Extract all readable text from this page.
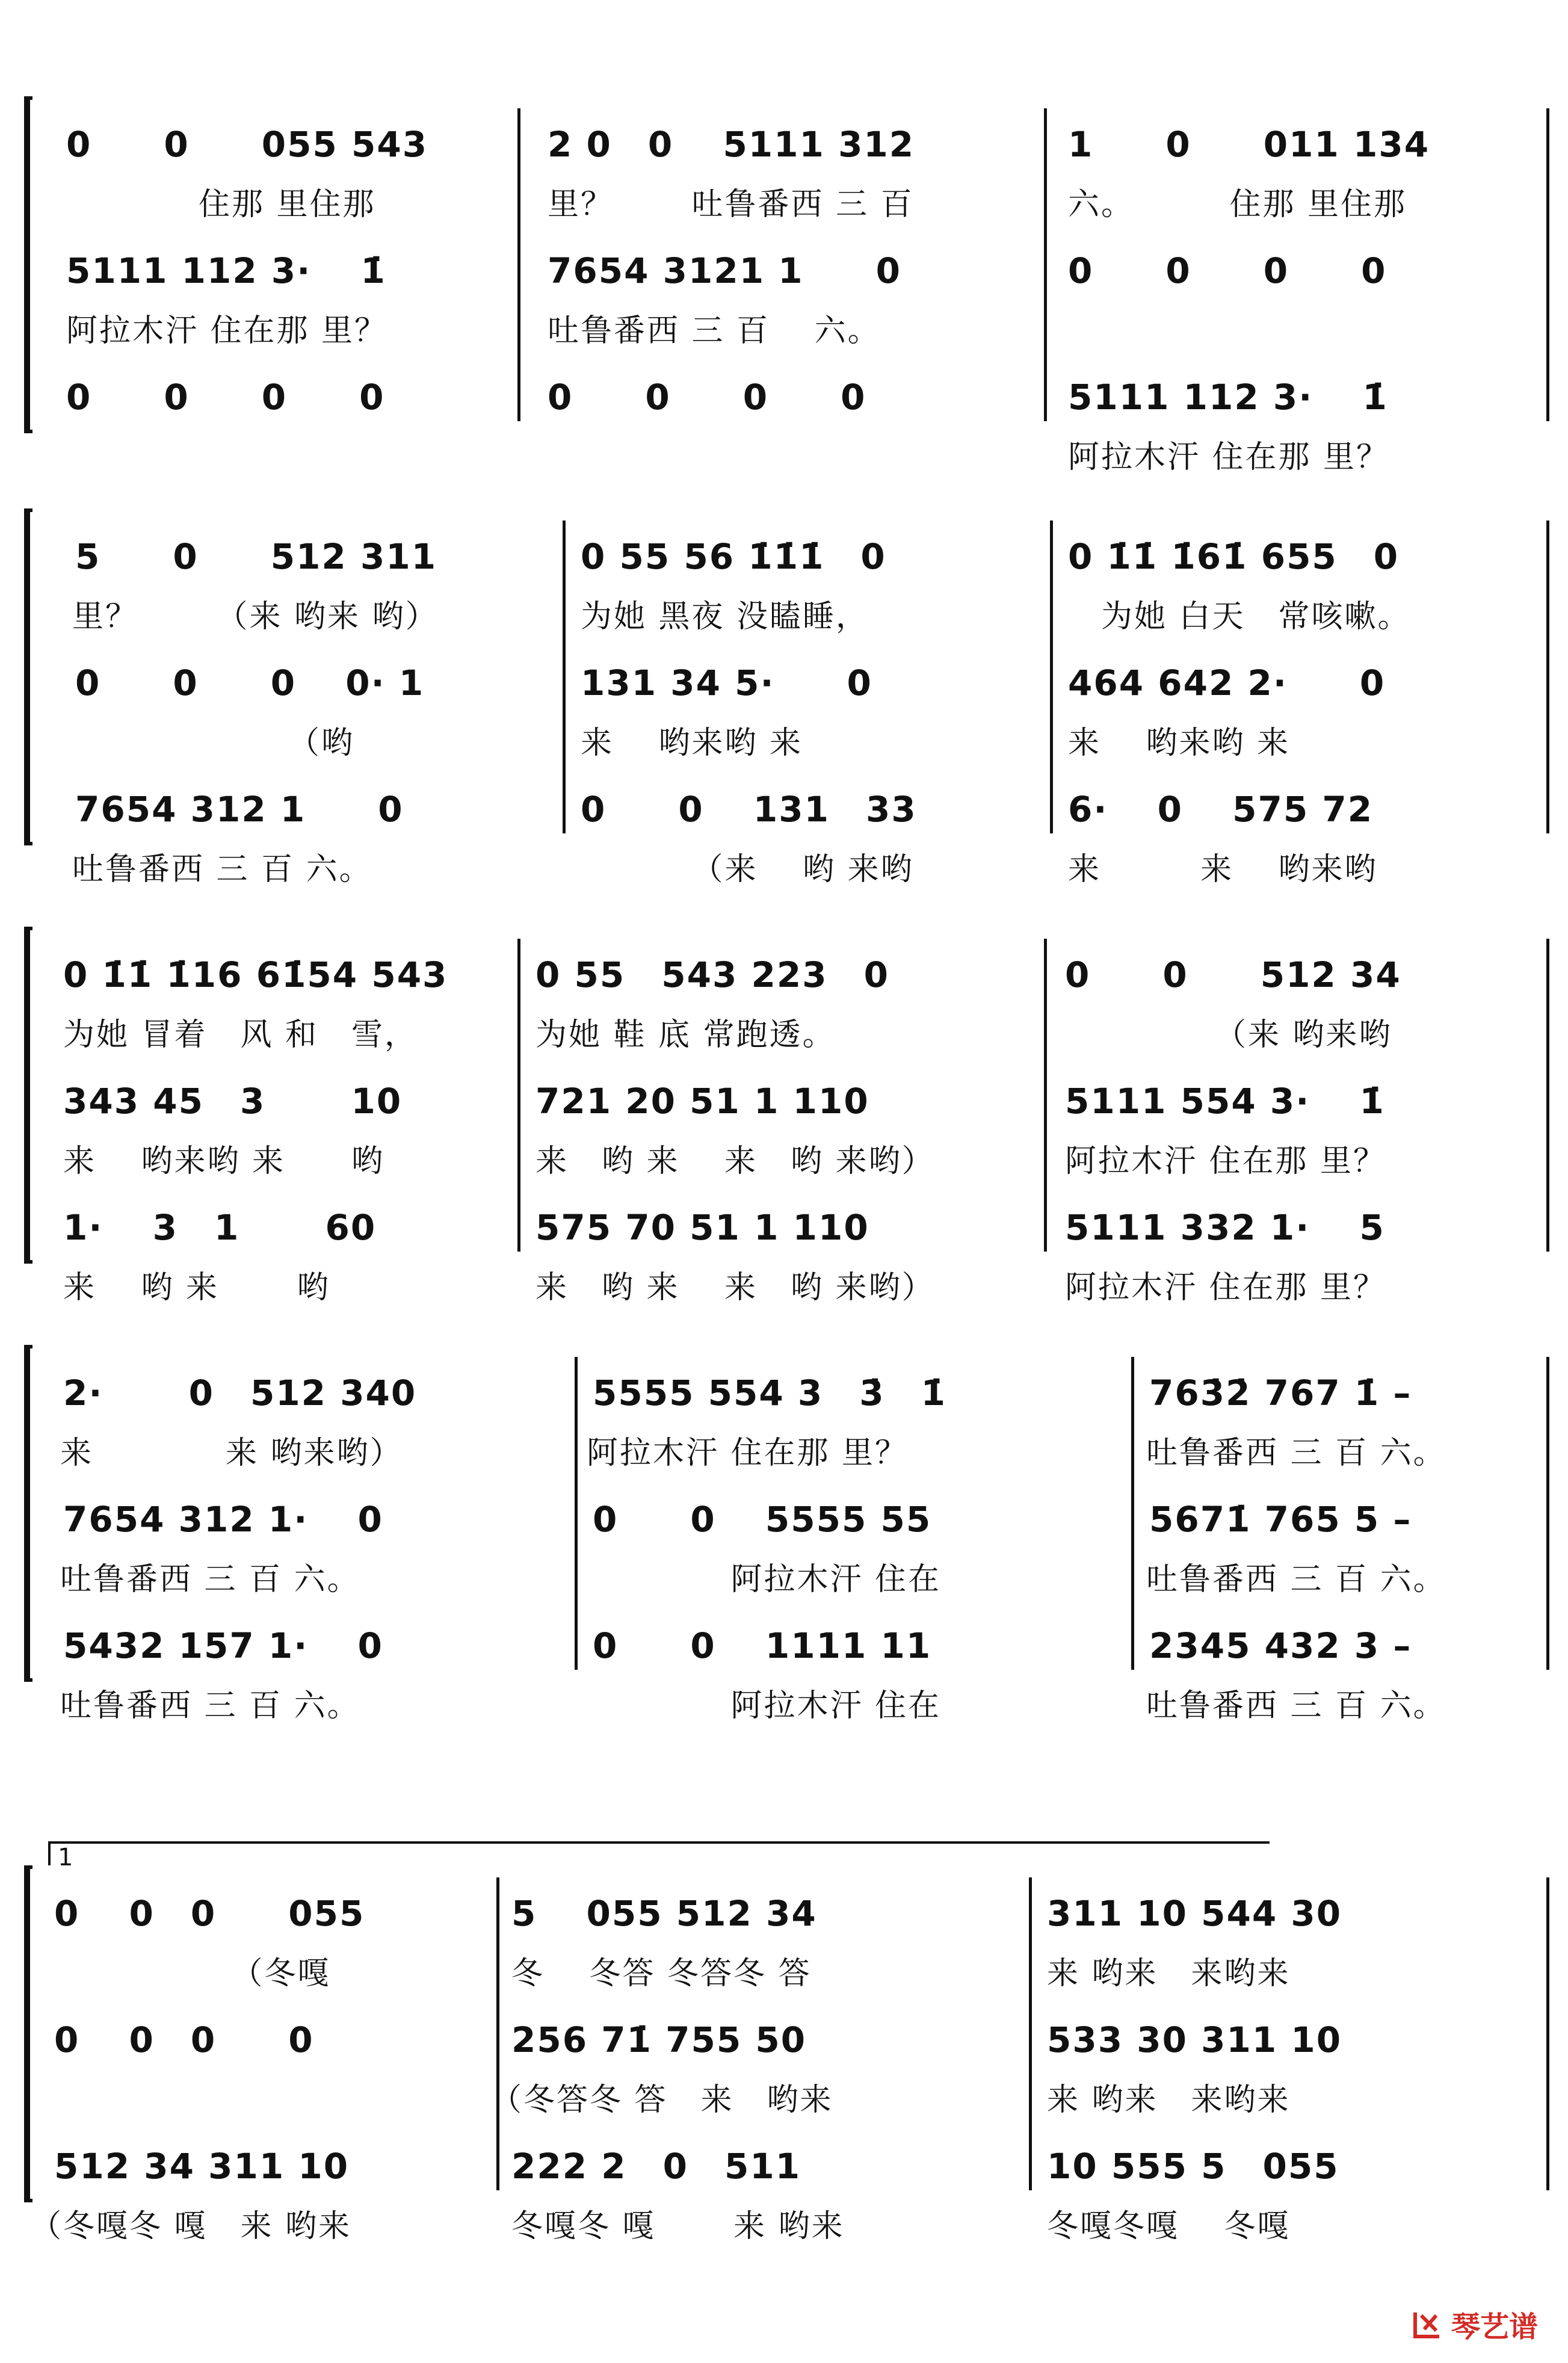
0　　0　　055 543
　　　　住那 里住那
2 0　0　 5111 312
里？　　 吐鲁番西 三 百
1　　0　　011 134
六。　　　 住那 里住那
5111 112 3·　 1̇
阿拉木汗 住在那 里？
7654 3121 1　　0
吐鲁番西 三 百　 六。
0　　0　　0　　0
0　　0　　0　　0	0　　0　　0　　0	5111 112 3·　 1̇
阿拉木汗 住在那 里？
5　　0　　512 311
里？　　 （来 哟来 哟）
0 55 56 1̇1̇1̇　0
为她 黑夜 没瞌睡，
0 1̇1̇ 1̇61̇ 655　0
　为她 白天　常咳嗽。
0　　0　　0　 0· 1
　　　　　　　（哟
131 34 5·　　0
来　 哟来哟 来
464 642 2·　　0
来　 哟来哟 来
7654 312 1　　0
吐鲁番西 三 百 六。
0　　0　 131　33
　　　 （来　 哟 来哟
6·　 0　 575 72
来　　　来　 哟来哟
0 1̇1̇ 1̇16 61̇54 543
为她 冒着　风 和　雪，
0 55　543 223　0
为她 鞋 底 常跑透。
0　　0　　512 34
　　　　　（来 哟来哟
343 45　3　　 10
来　 哟来哟 来　　哟
721 20 51 1 110
来　哟 来　 来　哟 来哟）
5111 554 3·　 1̇
阿拉木汗 住在那 里？
1·　 3　1　　 60
来　 哟 来　　 哟
575 70 51 1 110
来　哟 来　 来　哟 来哟）
5111 332 1·　 5
阿拉木汗 住在那 里？
2·　　 0　512 340
来　　　　来 哟来哟）
5555 554 3　3̇　1̇
阿拉木汗 住在那 里？
763̇2̇ 767 1̇ –
吐鲁番西 三 百 六。
7654 312 1·　 0
吐鲁番西 三 百 六。
0　　0　 5555 55
　　　　 阿拉木汗 住在
5671̇ 765 5 –
吐鲁番西 三 百 六。
5432 157 1·　 0
吐鲁番西 三 百 六。
0　　0　 1111 11
　　　　 阿拉木汗 住在
2345 432 3 –
吐鲁番西 三 百 六。
1
0　 0　0　　055
　　　　　 （冬嘎
5　 055 512 34
冬　 冬答 冬答冬 答
311 10 544 30
来 哟来　来哟来
0　 0　0　　0	256 71̇ 755 50
（冬答冬 答　来　哟来
533 30 311 10
来 哟来　来哟来
512 34 311 10
（冬嘎冬 嘎　来 哟来
222 2　0　511
冬嘎冬 嘎　　 来 哟来
10 555 5　055
冬嘎冬嘎　 冬嘎
琴艺谱
